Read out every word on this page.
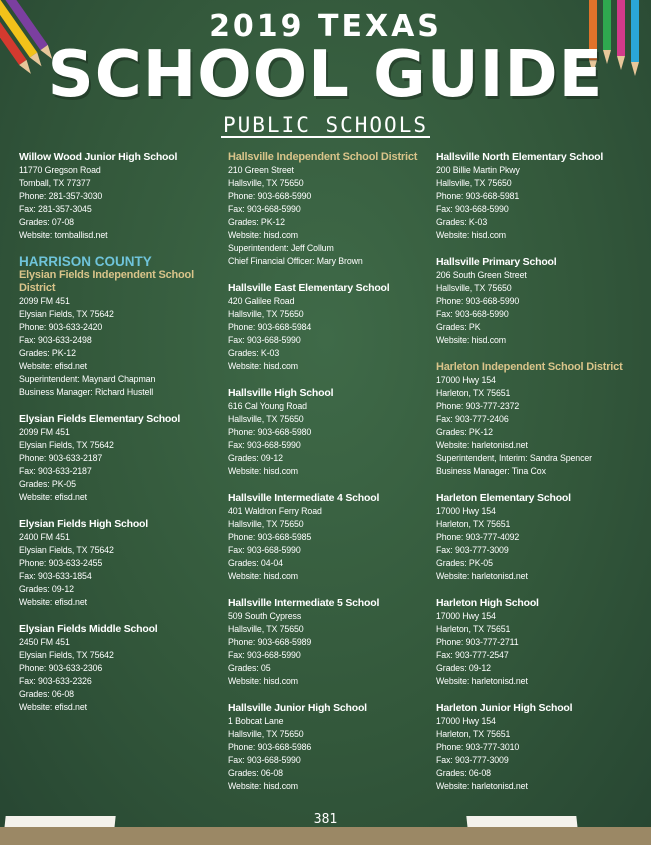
2019 TEXAS
SCHOOL GUIDE
PUBLIC SCHOOLS
Willow Wood Junior High School
11770 Gregson Road
Tomball, TX 77377
Phone: 281-357-3030
Fax: 281-357-3045
Grades: 07-08
Website: tomballisd.net
HARRISON COUNTY
Elysian Fields Independent School District
2099 FM 451
Elysian Fields, TX 75642
Phone: 903-633-2420
Fax: 903-633-2498
Grades: PK-12
Website: efisd.net
Superintendent: Maynard Chapman
Business Manager: Richard Hustell
Elysian Fields Elementary School
2099 FM 451
Elysian Fields, TX 75642
Phone: 903-633-2187
Fax: 903-633-2187
Grades: PK-05
Website: efisd.net
Elysian Fields High School
2400 FM 451
Elysian Fields, TX 75642
Phone: 903-633-2455
Fax: 903-633-1854
Grades: 09-12
Website: efisd.net
Elysian Fields Middle School
2450 FM 451
Elysian Fields, TX 75642
Phone: 903-633-2306
Fax: 903-633-2326
Grades: 06-08
Website: efisd.net
Hallsville Independent School District
210 Green Street
Hallsville, TX 75650
Phone: 903-668-5990
Fax: 903-668-5990
Grades: PK-12
Website: hisd.com
Superintendent: Jeff Collum
Chief Financial Officer: Mary Brown
Hallsville East Elementary School
420 Galilee Road
Hallsville, TX 75650
Phone: 903-668-5984
Fax: 903-668-5990
Grades: K-03
Website: hisd.com
Hallsville High School
616 Cal Young Road
Hallsville, TX 75650
Phone: 903-668-5980
Fax: 903-668-5990
Grades: 09-12
Website: hisd.com
Hallsville Intermediate 4 School
401 Waldron Ferry Road
Hallsville, TX 75650
Phone: 903-668-5985
Fax: 903-668-5990
Grades: 04-04
Website: hisd.com
Hallsville Intermediate 5 School
509 South Cypress
Hallsville, TX 75650
Phone: 903-668-5989
Fax: 903-668-5990
Grades: 05
Website: hisd.com
Hallsville Junior High School
1 Bobcat Lane
Hallsville, TX 75650
Phone: 903-668-5986
Fax: 903-668-5990
Grades: 06-08
Website: hisd.com
Hallsville North Elementary School
200 Billie Martin Pkwy
Hallsville, TX 75650
Phone: 903-668-5981
Fax: 903-668-5990
Grades: K-03
Website: hisd.com
Hallsville Primary School
206 South Green Street
Hallsville, TX 75650
Phone: 903-668-5990
Fax: 903-668-5990
Grades: PK
Website: hisd.com
Harleton Independent School District
17000 Hwy 154
Harleton, TX 75651
Phone: 903-777-2372
Fax: 903-777-2406
Grades: PK-12
Website: harletonisd.net
Superintendent, Interim: Sandra Spencer
Business Manager: Tina Cox
Harleton Elementary School
17000 Hwy 154
Harleton, TX 75651
Phone: 903-777-4092
Fax: 903-777-3009
Grades: PK-05
Website: harletonisd.net
Harleton High School
17000 Hwy 154
Harleton, TX 75651
Phone: 903-777-2711
Fax: 903-777-2547
Grades: 09-12
Website: harletonisd.net
Harleton Junior High School
17000 Hwy 154
Harleton, TX 75651
Phone: 903-777-3010
Fax: 903-777-3009
Grades: 06-08
Website: harletonisd.net
381
